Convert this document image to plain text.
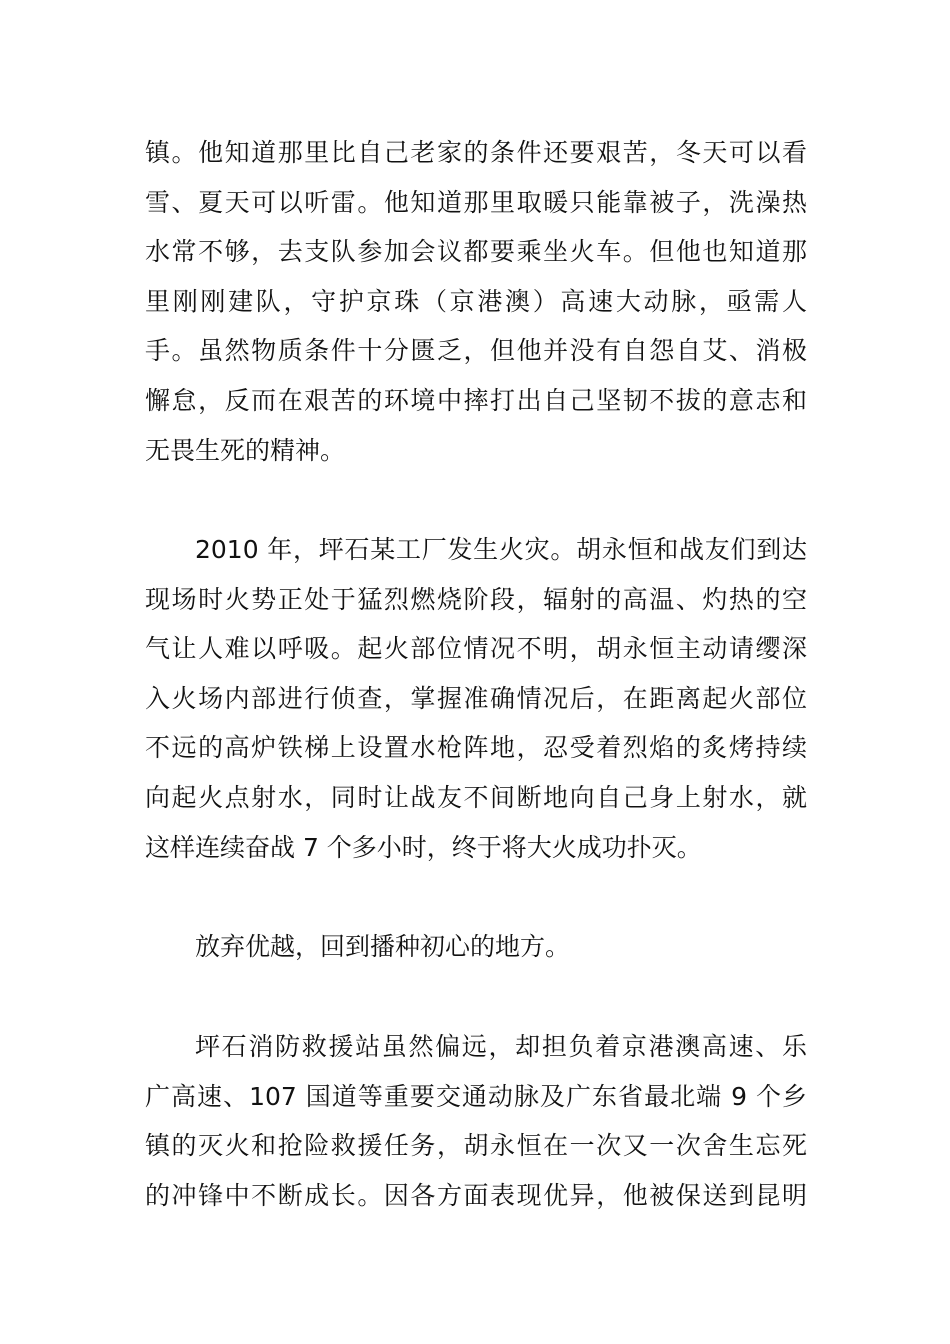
镇。他知道那里比自己老家的条件还要艰苦，冬天可以看
雪、夏天可以听雷。他知道那里取暖只能靠被子，洗澡热
水常不够，去支队参加会议都要乘坐火车。但他也知道那
里刚刚建队，守护京珠（京港澳）高速大动脉，亟需人
手。虽然物质条件十分匮乏，但他并没有自怨自艾、消极
懈怠，反而在艰苦的环境中摔打出自己坚韧不拔的意志和
无畏生死的精神。
2010 年，坪石某工厂发生火灾。胡永恒和战友们到达
现场时火势正处于猛烈燃烧阶段，辐射的高温、灼热的空
气让人难以呼吸。起火部位情况不明，胡永恒主动请缨深
入火场内部进行侦查，掌握准确情况后，在距离起火部位
不远的高炉铁梯上设置水枪阵地，忍受着烈焰的炙烤持续
向起火点射水，同时让战友不间断地向自己身上射水，就
这样连续奋战 7 个多小时，终于将大火成功扑灭。
放弃优越，回到播种初心的地方。
坪石消防救援站虽然偏远，却担负着京港澳高速、乐
广高速、107 国道等重要交通动脉及广东省最北端 9 个乡
镇的灭火和抢险救援任务，胡永恒在一次又一次舍生忘死
的冲锋中不断成长。因各方面表现优异，他被保送到昆明
